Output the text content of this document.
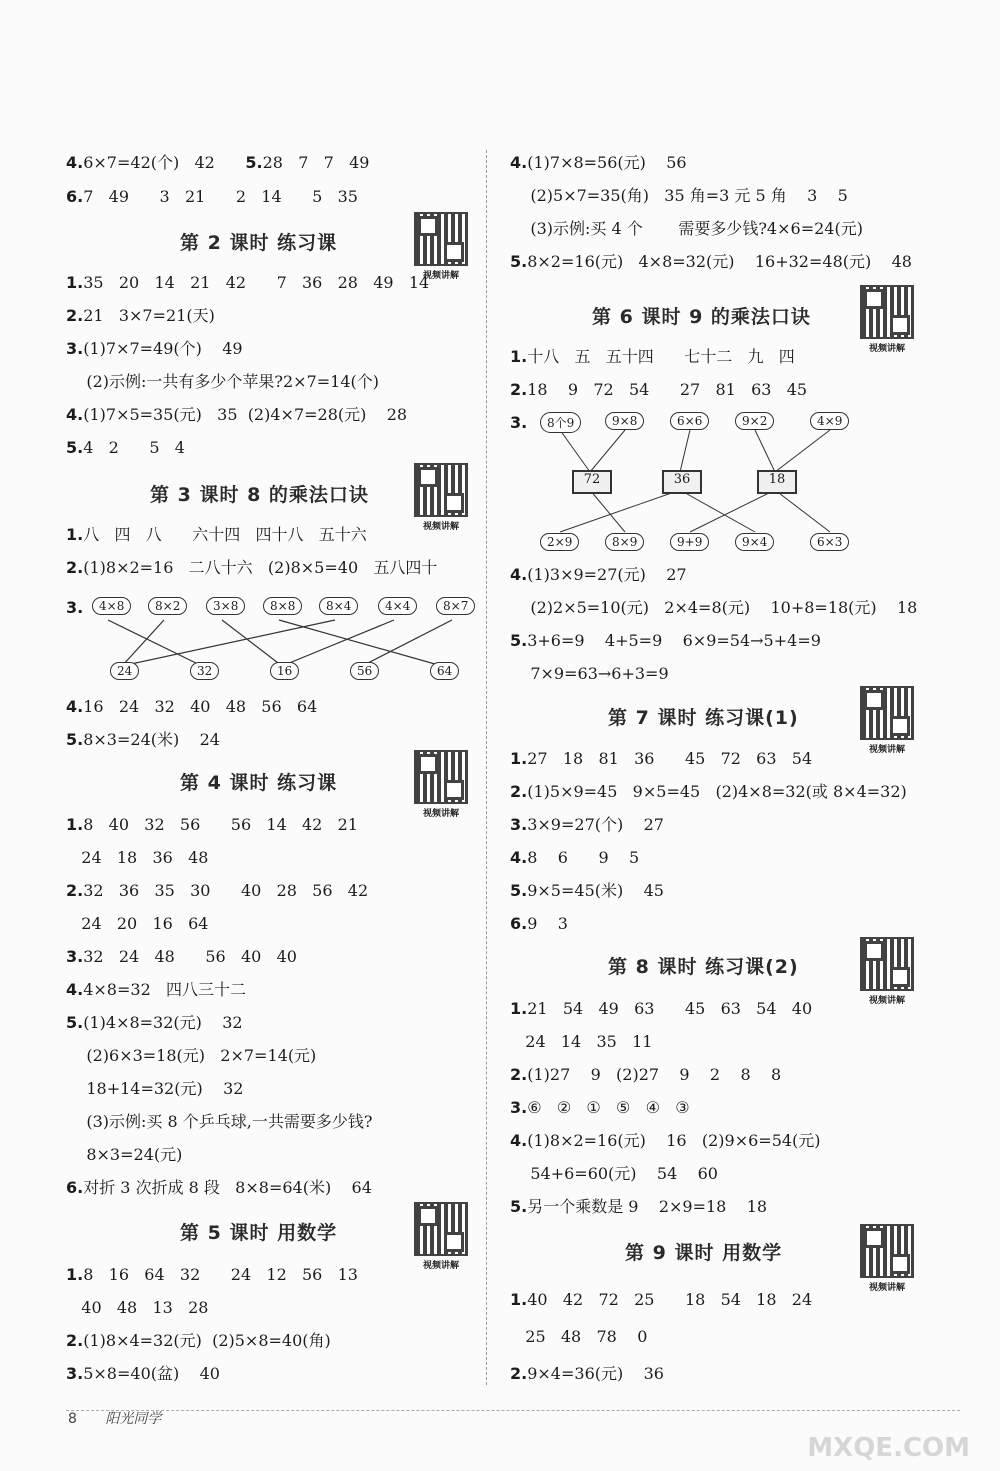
8 阳光同学
MXQE.COM
4.6×7=42(个)   42      5.28   7   7   49
6.7   49      3   21      2   14      5   35
第 2 课时 练习课
视频讲解
1.35   20   14   21   42      7   36   28   49   14
2.21   3×7=21(天)
3.(1)7×7=49(个)    49
(2)示例:一共有多少个苹果?2×7=14(个)
4.(1)7×5=35(元)   35  (2)4×7=28(元)    28
5.4   2      5   4
第 3 课时 8 的乘法口诀
视频讲解
1.八   四   八      六十四   四十八   五十六
2.(1)8×2=16   二八十六   (2)8×5=40   五八四十
3.	4×8	8×2	3×8	8×8	8×4	4×4	8×7
24	32	16	56	64
4.16   24   32   40   48   56   64
5.8×3=24(米)    24
第 4 课时 练习课
视频讲解
1.8   40   32   56      56   14   42   21
24   18   36   48
2.32   36   35   30      40   28   56   42
24   20   16   64
3.32   24   48      56   40   40
4.4×8=32   四八三十二
5.(1)4×8=32(元)    32
(2)6×3=18(元)   2×7=14(元)
18+14=32(元)    32
(3)示例:买 8 个乒乓球,一共需要多少钱?
8×3=24(元)
6.对折 3 次折成 8 段   8×8=64(米)    64
第 5 课时 用数学
视频讲解
1.8   16   64   32      24   12   56   13
40   48   13   28
2.(1)8×4=32(元)  (2)5×8=40(角)
3.5×8=40(盆)    40
4.(1)7×8=56(元)    56
(2)5×7=35(角)   35 角=3 元 5 角    3    5
(3)示例:买 4 个       需要多少钱?4×6=24(元)
5.8×2=16(元)   4×8=32(元)    16+32=48(元)    48
第 6 课时 9 的乘法口诀
视频讲解
1.十八   五   五十四      七十二   九   四
2.18    9   72   54      27   81   63   45
3.	8个9	9×8	6×6	9×2	4×9
72	36	18
2×9	8×9	9+9	9×4	6×3
4.(1)3×9=27(元)    27
(2)2×5=10(元)   2×4=8(元)    10+8=18(元)    18
5.3+6=9    4+5=9    6×9=54→5+4=9
7×9=63→6+3=9
第 7 课时 练习课(1)
视频讲解
1.27   18   81   36      45   72   63   54
2.(1)5×9=45   9×5=45   (2)4×8=32(或 8×4=32)
3.3×9=27(个)    27
4.8    6      9    5
5.9×5=45(米)    45
6.9    3
第 8 课时 练习课(2)
视频讲解
1.21   54   49   63      45   63   54   40
24   14   35   11
2.(1)27    9   (2)27    9    2    8    8
3.⑥   ②   ①   ⑤   ④   ③
4.(1)8×2=16(元)    16   (2)9×6=54(元)
54+6=60(元)    54    60
5.另一个乘数是 9    2×9=18    18
第 9 课时 用数学
视频讲解
1.40   42   72   25      18   54   18   24
25   48   78    0
2.9×4=36(元)    36
